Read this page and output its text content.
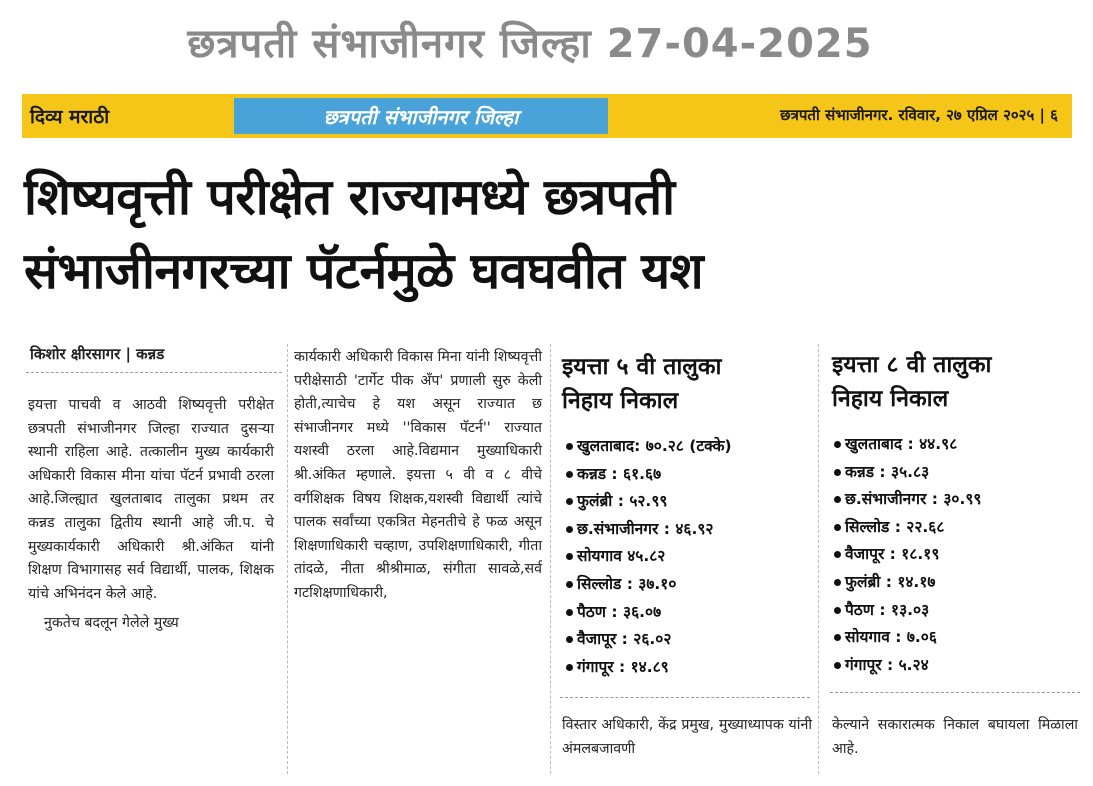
छत्रपती संभाजीनगर जिल्हा 27-04-2025
दिव्य मराठी	छत्रपती संभाजीनगर जिल्हा	छत्रपती संभाजीनगर. रविवार, २७ एप्रिल २०२५ | ६
शिष्यवृत्ती परीक्षेत राज्यामध्ये छत्रपती
संभाजीनगरच्या पॅटर्नमुळे घवघवीत यश
किशोर क्षीरसागर | कन्नड

इयत्ता पाचवी व आठवी शिष्यवृत्ती परीक्षेत छत्रपती संभाजीनगर जिल्हा राज्यात दुसऱ्या स्थानी राहिला आहे. तत्कालीन मुख्य कार्यकारी अधिकारी विकास मीना यांचा पॅटर्न प्रभावी ठरला आहे.जिल्ह्यात खुलताबाद तालुका प्रथम तर कन्नड तालुका द्वितीय स्थानी आहे जी.प. चे मुख्यकार्यकारी अधिकारी श्री.अंकित यांनी शिक्षण विभागासह सर्व विद्यार्थी, पालक, शिक्षक यांचे अभिनंदन केले आहे.

नुकतेच बदलून गेलेले मुख्य

कार्यकारी अधिकारी विकास मिना यांनी शिष्यवृत्ती परीक्षेसाठी 'टार्गेट पीक अँप' प्रणाली सुरु केली होती,त्याचेच हे यश असून राज्यात छ संभाजीनगर मध्ये ''विकास पॅटर्न'' राज्यात यशस्वी ठरला आहे.विद्यमान मुख्याधिकारी श्री.अंकित म्हणाले. इयत्ता ५ वी व ८ वीचे वर्गशिक्षक विषय शिक्षक,यशस्वी विद्यार्थी त्यांचे पालक सर्वांच्या एकत्रित मेहनतीचे हे फळ असून शिक्षणाधिकारी चव्हाण, उपशिक्षणाधिकारी, गीता तांदळे, नीता श्रीश्रीमाळ, संगीता सावळे,सर्व गटशिक्षणाधिकारी,

इयत्ता ५ वी तालुका
निहाय निकाल
खुलताबाद: ७०.२८ (टक्के)
कन्नड : ६१.६७
फुलंब्री : ५२.९९
छ.संभाजीनगर : ४६.९२
सोयगाव ४५.८२
सिल्लोड : ३७.१०
पैठण : ३६.०७
वैजापूर : २६.०२
गंगापूर : १४.८९
इयत्ता ८ वी तालुका
निहाय निकाल
खुलताबाद : ४४.९८
कन्नड : ३५.८३
छ.संभाजीनगर : ३०.९९
सिल्लोड : २२.६८
वैजापूर : १८.१९
फुलंब्री : १४.१७
पैठण : १३.०३
सोयगाव : ७.०६
गंगापूर : ५.२४
विस्तार अधिकारी, केंद्र प्रमुख, मुख्याध्यापक यांनी अंमलबजावणी
केल्याने सकारात्मक निकाल बघायला मिळाला आहे.
